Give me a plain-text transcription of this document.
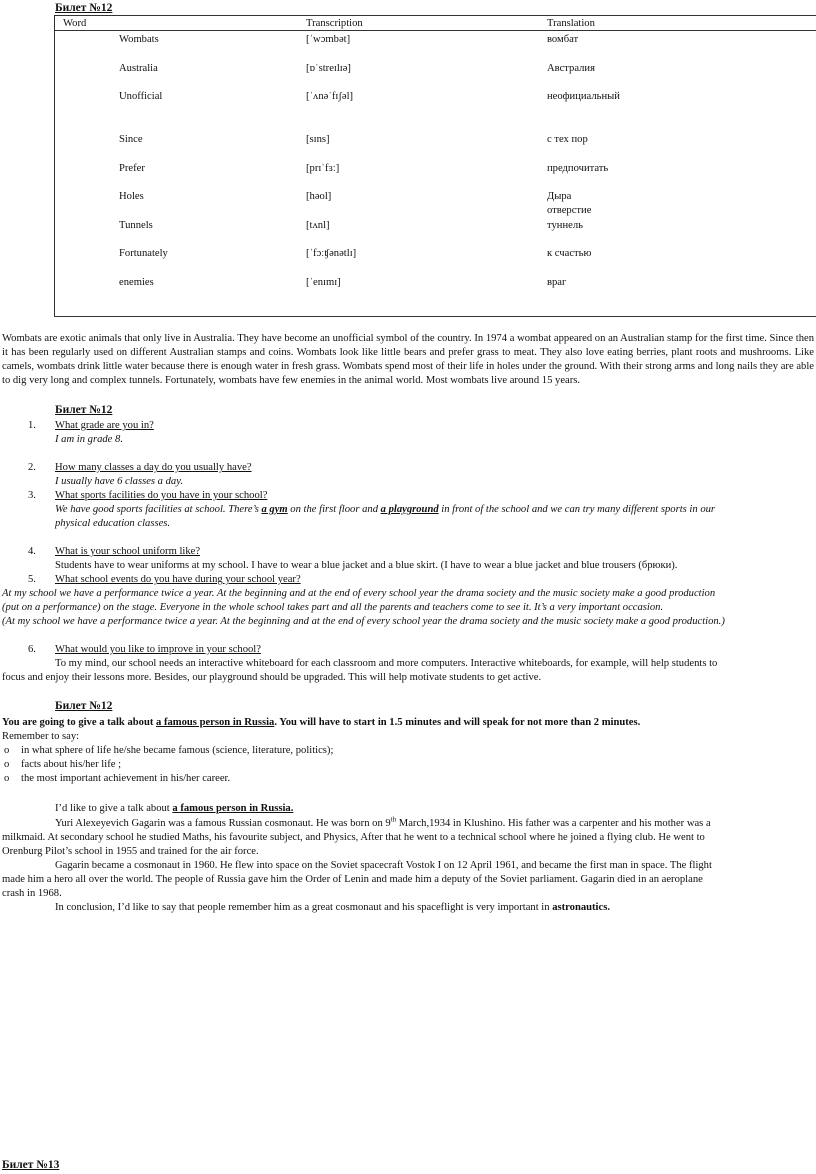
Билет №12
Word	Transcription	Translation
Wombats	[ˈwɔmbət]	вомбат
Australia	[ɒˈstreɪlɪə]	Австралия
Unofficial	[ˈʌnəˈfɪʃəl]	неофициальный
Since	[sɪns]	с тех пор
Prefer	[prɪˈfɜː]	предпочитать
Holes	[həol]	Дыра отверстие
Tunnels	[tʌnl]	туннель
Fortunately	[ˈfɔːʧənətlɪ]	к счастью
enemies	[ˈenɪmɪ]	враг
Wombats are exotic animals that only live in Australia. They have become an unofficial symbol of the country. In 1974 a wombat appeared on an Australian stamp for the first time. Since then it has been regularly used on different Australian stamps and coins. Wombats look like little bears and prefer grass to meat. They also love eating berries, plant roots and mushrooms. Like camels, wombats drink little water because there is enough water in fresh grass. Wombats spend most of their life in holes under the ground. With their strong arms and long nails they are able to dig very long and complex tunnels. Fortunately, wombats have few enemies in the animal world. Most wombats live around 15 years.
Билет №12
1. What grade are you in?
I am in grade 8.
2. How many classes a day do you usually have?
I usually have 6 classes a day.
3. What sports facilities do you have in your school?
We have good sports facilities at school. There’s a gym on the first floor and a playground in front of the school and we can try many different sports in our
physical education classes.
4. What is your school uniform like?
Students have to wear uniforms at my school. I have to wear a blue jacket and a blue skirt. (I have to wear a blue jacket and blue trousers (брюки).
5. What school events do you have during your school year?
At my school we have a performance twice a year. At the beginning and at the end of every school year the drama society and the music society make a good production
(put on a performance) on the stage. Everyone in the whole school takes part and all the parents and teachers come to see it. It’s a very important occasion.
(At my school we have a performance twice a year. At the beginning and at the end of every school year the drama society and the music society make a good production.)
6. What would you like to improve in your school?
To my mind, our school needs an interactive whiteboard for each classroom and more computers. Interactive whiteboards, for example, will help students to
focus and enjoy their lessons more. Besides, our playground should be upgraded. This will help motivate students to get active.
Билет №12
You are going to give a talk about a famous person in Russia. You will have to start in 1.5 minutes and will speak for not more than 2 minutes.
Remember to say:
o in what sphere of life he/she became famous (science, literature, politics);
o facts about his/her life ;
o the most important achievement in his/her career.
I’d like to give a talk about a famous person in Russia.
Yuri Alexeyevich Gagarin was a famous Russian cosmonaut. He was born on 9th March,1934 in Klushino. His father was a carpenter and his mother was a
milkmaid. At secondary school he studied Maths, his favourite subject, and Physics, After that he went to a technical school where he joined a flying club. He went to
Orenburg Pilot’s school in 1955 and trained for the air force.
Gagarin became a cosmonaut in 1960. He flew into space on the Soviet spacecraft Vostok I on 12 April 1961, and became the first man in space. The flight
made him a hero all over the world. The people of Russia gave him the Order of Lenin and made him a deputy of the Soviet parliament. Gagarin died in an aeroplane
crash in 1968.
In conclusion, I’d like to say that people remember him as a great cosmonaut and his spaceflight is very important in astronautics.
Билет №13
